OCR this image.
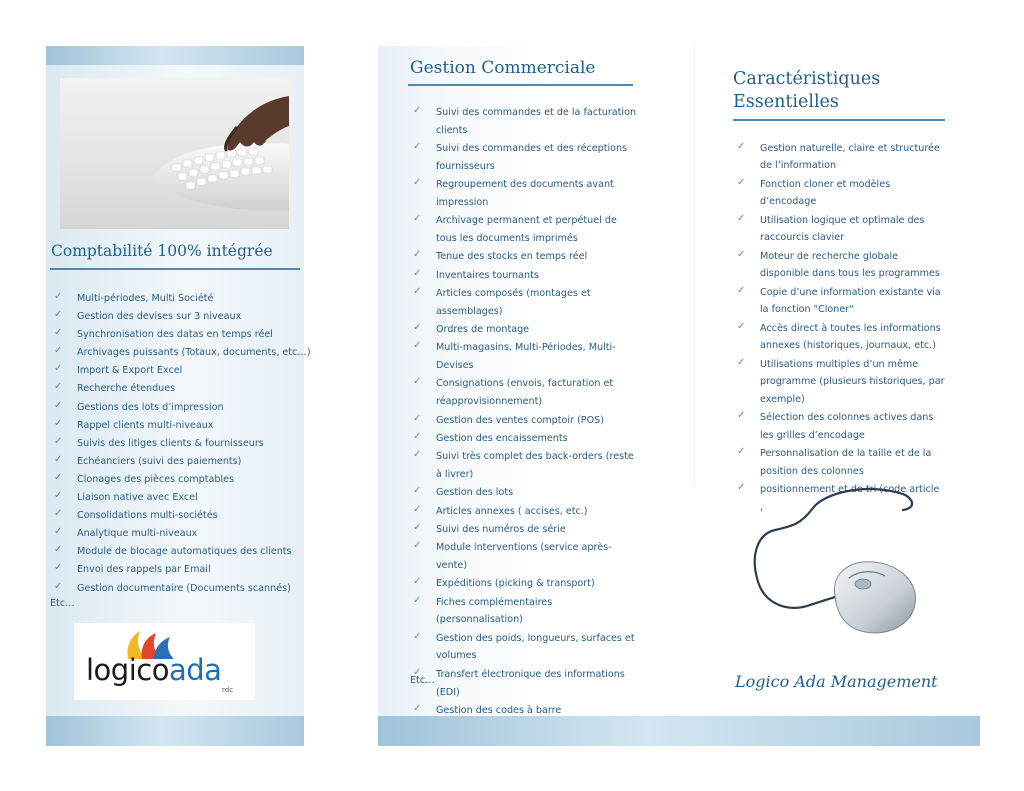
Comptabilité 100% intégrée
✓ Multi-périodes, Multi Société
✓ Gestion des devises sur 3 niveaux
✓ Synchronisation des datas en temps réel
✓ Archivages puissants (Totaux, documents, etc…)
✓ Import & Export Excel
✓ Recherche étendues
✓ Gestions des lots d’impression
✓ Rappel clients multi-niveaux
✓ Suivis des litiges clients & fournisseurs
✓ Echéanciers (suivi des paiements)
✓ Clonages des pièces comptables
✓ Liaison native avec Excel
✓ Consolidations multi-sociétés
✓ Analytique multi-niveaux
✓ Module de blocage automatiques des clients
✓ Envoi des rappels par Email
✓ Gestion documentaire (Documents scannés)
Etc…
logicoada
rdc
Gestion Commerciale
✓ Suivi des commandes et de la facturation clients
✓ Suivi des commandes et des réceptions fournisseurs
✓ Regroupement des documents avant impression
✓ Archivage permanent et perpétuel de tous les documents imprimés
✓ Tenue des stocks en temps réel
✓ Inventaires tournants
✓ Articles composés (montages et assemblages)
✓ Ordres de montage
✓ Multi-magasins, Multi-Périodes, Multi-Devises
✓ Consignations (envois, facturation et réapprovisionnement)
✓ Gestion des ventes comptoir (POS)
✓ Gestion des encaissements
✓ Suivi très complet des back-orders (reste à livrer)
✓ Gestion des lots
✓ Articles annexes ( accises, etc.)
✓ Suivi des numéros de série
✓ Module interventions (service après-vente)
✓ Expéditions (picking & transport)
✓ Fiches complémentaires (personnalisation)
✓ Gestion des poids, longueurs, surfaces et volumes
✓ Transfert électronique des informations (EDI)
✓ Gestion des codes à barre
Etc…
Caractéristiques Essentielles
✓ Gestion naturelle, claire et structurée de l’information
✓ Fonction cloner et modèles d’encodage
✓ Utilisation logique et optimale des raccourcis clavier
✓ Moteur de recherche globale disponible dans tous les programmes
✓ Copie d’une information existante via la fonction "Cloner"
✓ Accès direct à toutes les informations annexes (historiques, journaux, etc.)
✓ Utilisations multiples d’un même programme (plusieurs historiques, par exemple)
✓ Sélection des colonnes actives dans les grilles d’encodage
✓ Personnalisation de la taille et de la position des colonnes
✓ positionnement et de tri (code article ,
Logico Ada Management
